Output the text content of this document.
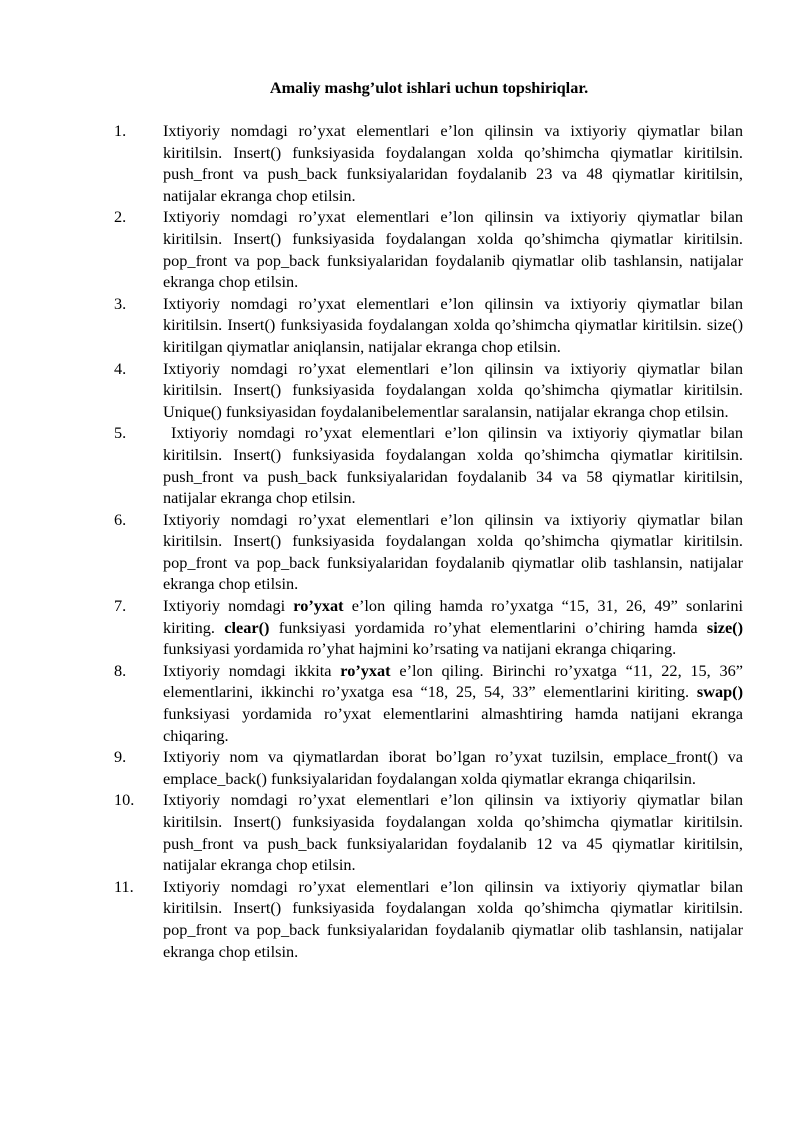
Amaliy mashg’ulot ishlari uchun topshiriqlar.
1.	Ixtiyoriy nomdagi ro’yxat elementlari e’lon qilinsin va ixtiyoriy qiymatlar bilan kiritilsin. Insert() funksiyasida foydalangan xolda qo’shimcha qiymatlar kiritilsin. push_front va push_back funksiyalaridan foydalanib 23 va 48 qiymatlar kiritilsin, natijalar ekranga chop etilsin.
2.	Ixtiyoriy nomdagi ro’yxat elementlari e’lon qilinsin va ixtiyoriy qiymatlar bilan kiritilsin. Insert() funksiyasida foydalangan xolda qo’shimcha qiymatlar kiritilsin. pop_front va pop_back funksiyalaridan foydalanib qiymatlar olib tashlansin, natijalar ekranga chop etilsin.
3.	Ixtiyoriy nomdagi ro’yxat elementlari e’lon qilinsin va ixtiyoriy qiymatlar bilan kiritilsin. Insert() funksiyasida foydalangan xolda qo’shimcha qiymatlar kiritilsin. size() kiritilgan qiymatlar aniqlansin, natijalar ekranga chop etilsin.
4.	Ixtiyoriy nomdagi ro’yxat elementlari e’lon qilinsin va ixtiyoriy qiymatlar bilan kiritilsin. Insert() funksiyasida foydalangan xolda qo’shimcha qiymatlar kiritilsin. Unique() funksiyasidan foydalanibelementlar saralansin, natijalar ekranga chop etilsin.
5.	Ixtiyoriy nomdagi ro’yxat elementlari e’lon qilinsin va ixtiyoriy qiymatlar bilan kiritilsin. Insert() funksiyasida foydalangan xolda qo’shimcha qiymatlar kiritilsin. push_front va push_back funksiyalaridan foydalanib 34 va 58 qiymatlar kiritilsin, natijalar ekranga chop etilsin.
6.	Ixtiyoriy nomdagi ro’yxat elementlari e’lon qilinsin va ixtiyoriy qiymatlar bilan kiritilsin. Insert() funksiyasida foydalangan xolda qo’shimcha qiymatlar kiritilsin. pop_front va pop_back funksiyalaridan foydalanib qiymatlar olib tashlansin, natijalar ekranga chop etilsin.
7.	Ixtiyoriy nomdagi ro’yxat e’lon qiling hamda ro’yxatga “15, 31, 26, 49” sonlarini kiriting. clear() funksiyasi yordamida ro’yhat elementlarini o’chiring hamda size() funksiyasi yordamida ro’yhat hajmini ko’rsating va natijani ekranga chiqaring.
8.	Ixtiyoriy nomdagi ikkita ro’yxat e’lon qiling. Birinchi ro’yxatga “11, 22, 15, 36” elementlarini, ikkinchi ro’yxatga esa “18, 25, 54, 33” elementlarini kiriting. swap() funksiyasi yordamida ro’yxat elementlarini almashtiring hamda natijani ekranga chiqaring.
9.	Ixtiyoriy nom va qiymatlardan iborat bo’lgan ro’yxat tuzilsin, emplace_front() va emplace_back() funksiyalaridan foydalangan xolda qiymatlar ekranga chiqarilsin.
10.	Ixtiyoriy nomdagi ro’yxat elementlari e’lon qilinsin va ixtiyoriy qiymatlar bilan kiritilsin. Insert() funksiyasida foydalangan xolda qo’shimcha qiymatlar kiritilsin. push_front va push_back funksiyalaridan foydalanib 12 va 45 qiymatlar kiritilsin, natijalar ekranga chop etilsin.
11.	Ixtiyoriy nomdagi ro’yxat elementlari e’lon qilinsin va ixtiyoriy qiymatlar bilan kiritilsin. Insert() funksiyasida foydalangan xolda qo’shimcha qiymatlar kiritilsin. pop_front va pop_back funksiyalaridan foydalanib qiymatlar olib tashlansin, natijalar ekranga chop etilsin.
